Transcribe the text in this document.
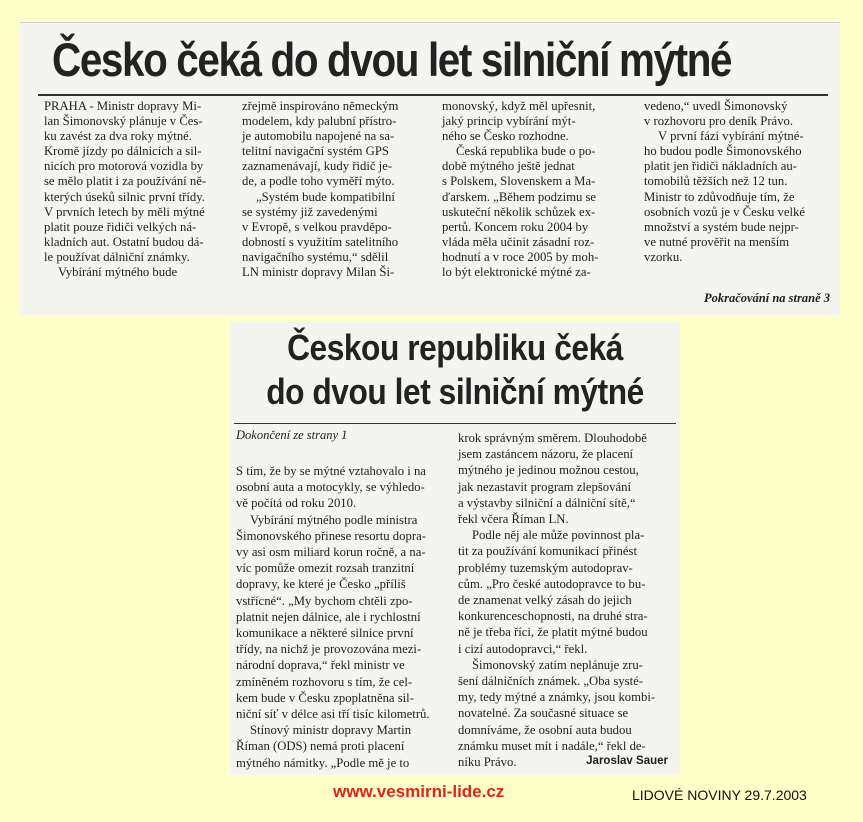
Česko čeká do dvou let silniční mýtné
PRAHA - Ministr dopravy Mi-
lan Šimonovský plánuje v Čes-
ku zavést za dva roky mýtné.
Kromě jízdy po dálnicích a sil-
nicích pro motorová vozidla by
se mělo platit i za používání ně-
kterých úseků silnic první třídy.
V prvních letech by měli mýtné
platit pouze řidiči velkých ná-
kladních aut. Ostatní budou dá-
le používat dálniční známky.
Vybírání mýtného bude
zřejmě inspirováno německým
modelem, kdy palubní přístro-
je automobilu napojené na sa-
telitní navigační systém GPS
zaznamenávají, kudy řidič je-
de, a podle toho vyměří mýto.
„Systém bude kompatibilní
se systémy již zavedenými
v Evropě, s velkou pravděpo-
dobností s využitím satelitního
navigačního systému,“ sdělil
LN ministr dopravy Milan Ši-
monovský, když měl upřesnit,
jaký princip vybírání mýt-
ného se Česko rozhodne.
Česká republika bude o po-
době mýtného ještě jednat
s Polskem, Slovenskem a Ma-
ďarskem. „Během podzimu se
uskuteční několik schůzek ex-
pertů. Koncem roku 2004 by
vláda měla učinit zásadní roz-
hodnutí a v roce 2005 by moh-
lo být elektronické mýtné za-
vedeno,“ uvedl Šimonovský
v rozhovoru pro deník Právo.
V první fázi vybírání mýtné-
ho budou podle Šimonovského
platit jen řidiči nákladních au-
tomobilů těžších než 12 tun.
Ministr to zdůvodňuje tím, že
osobních vozů je v Česku velké
množství a systém bude nejpr-
ve nutné prověřit na menším
vzorku.
Pokračování na straně 3
Českou republiku čeká
do dvou let silniční mýtné
Dokončení ze strany 1
S tím, že by se mýtné vztahovalo i na
osobní auta a motocykly, se výhledo-
vě počítá od roku 2010.
Vybírání mýtného podle ministra
Šimonovského přinese resortu dopra-
vy asi osm miliard korun ročně, a na-
víc pomůže omezit rozsah tranzitní
dopravy, ke které je Česko „příliš
vstřícné“. „My bychom chtěli zpo-
platnit nejen dálnice, ale i rychlostní
komunikace a některé silnice první
třídy, na nichž je provozována mezi-
národní doprava,“ řekl ministr ve
zmíněném rozhovoru s tím, že cel-
kem bude v Česku zpoplatněna sil-
niční síť v délce asi tří tisíc kilometrů.
Stínový ministr dopravy Martin
Říman (ODS) nemá proti placení
mýtného námitky. „Podle mě je to
krok správným směrem. Dlouhodobě
jsem zastáncem názoru, že placení
mýtného je jedinou možnou cestou,
jak nezastavit program zlepšování
a výstavby silniční a dálniční sítě,“
řekl včera Říman LN.
Podle něj ale může povinnost pla-
tit za používání komunikací přinést
problémy tuzemským autodoprav-
cům. „Pro české autodopravce to bu-
de znamenat velký zásah do jejich
konkurenceschopnosti, na druhé stra-
ně je třeba říci, že platit mýtné budou
i cizí autodopravci,“ řekl.
Šimonovský zatím neplánuje zru-
šení dálničních známek. „Oba systé-
my, tedy mýtné a známky, jsou kombi-
novatelné. Za současné situace se
domníváme, že osobní auta budou
známku muset mít i nadále,“ řekl de-
níku Právo.	Jaroslav Sauer
www.vesmirni-lide.cz	LIDOVÉ NOVINY 29.7.2003
